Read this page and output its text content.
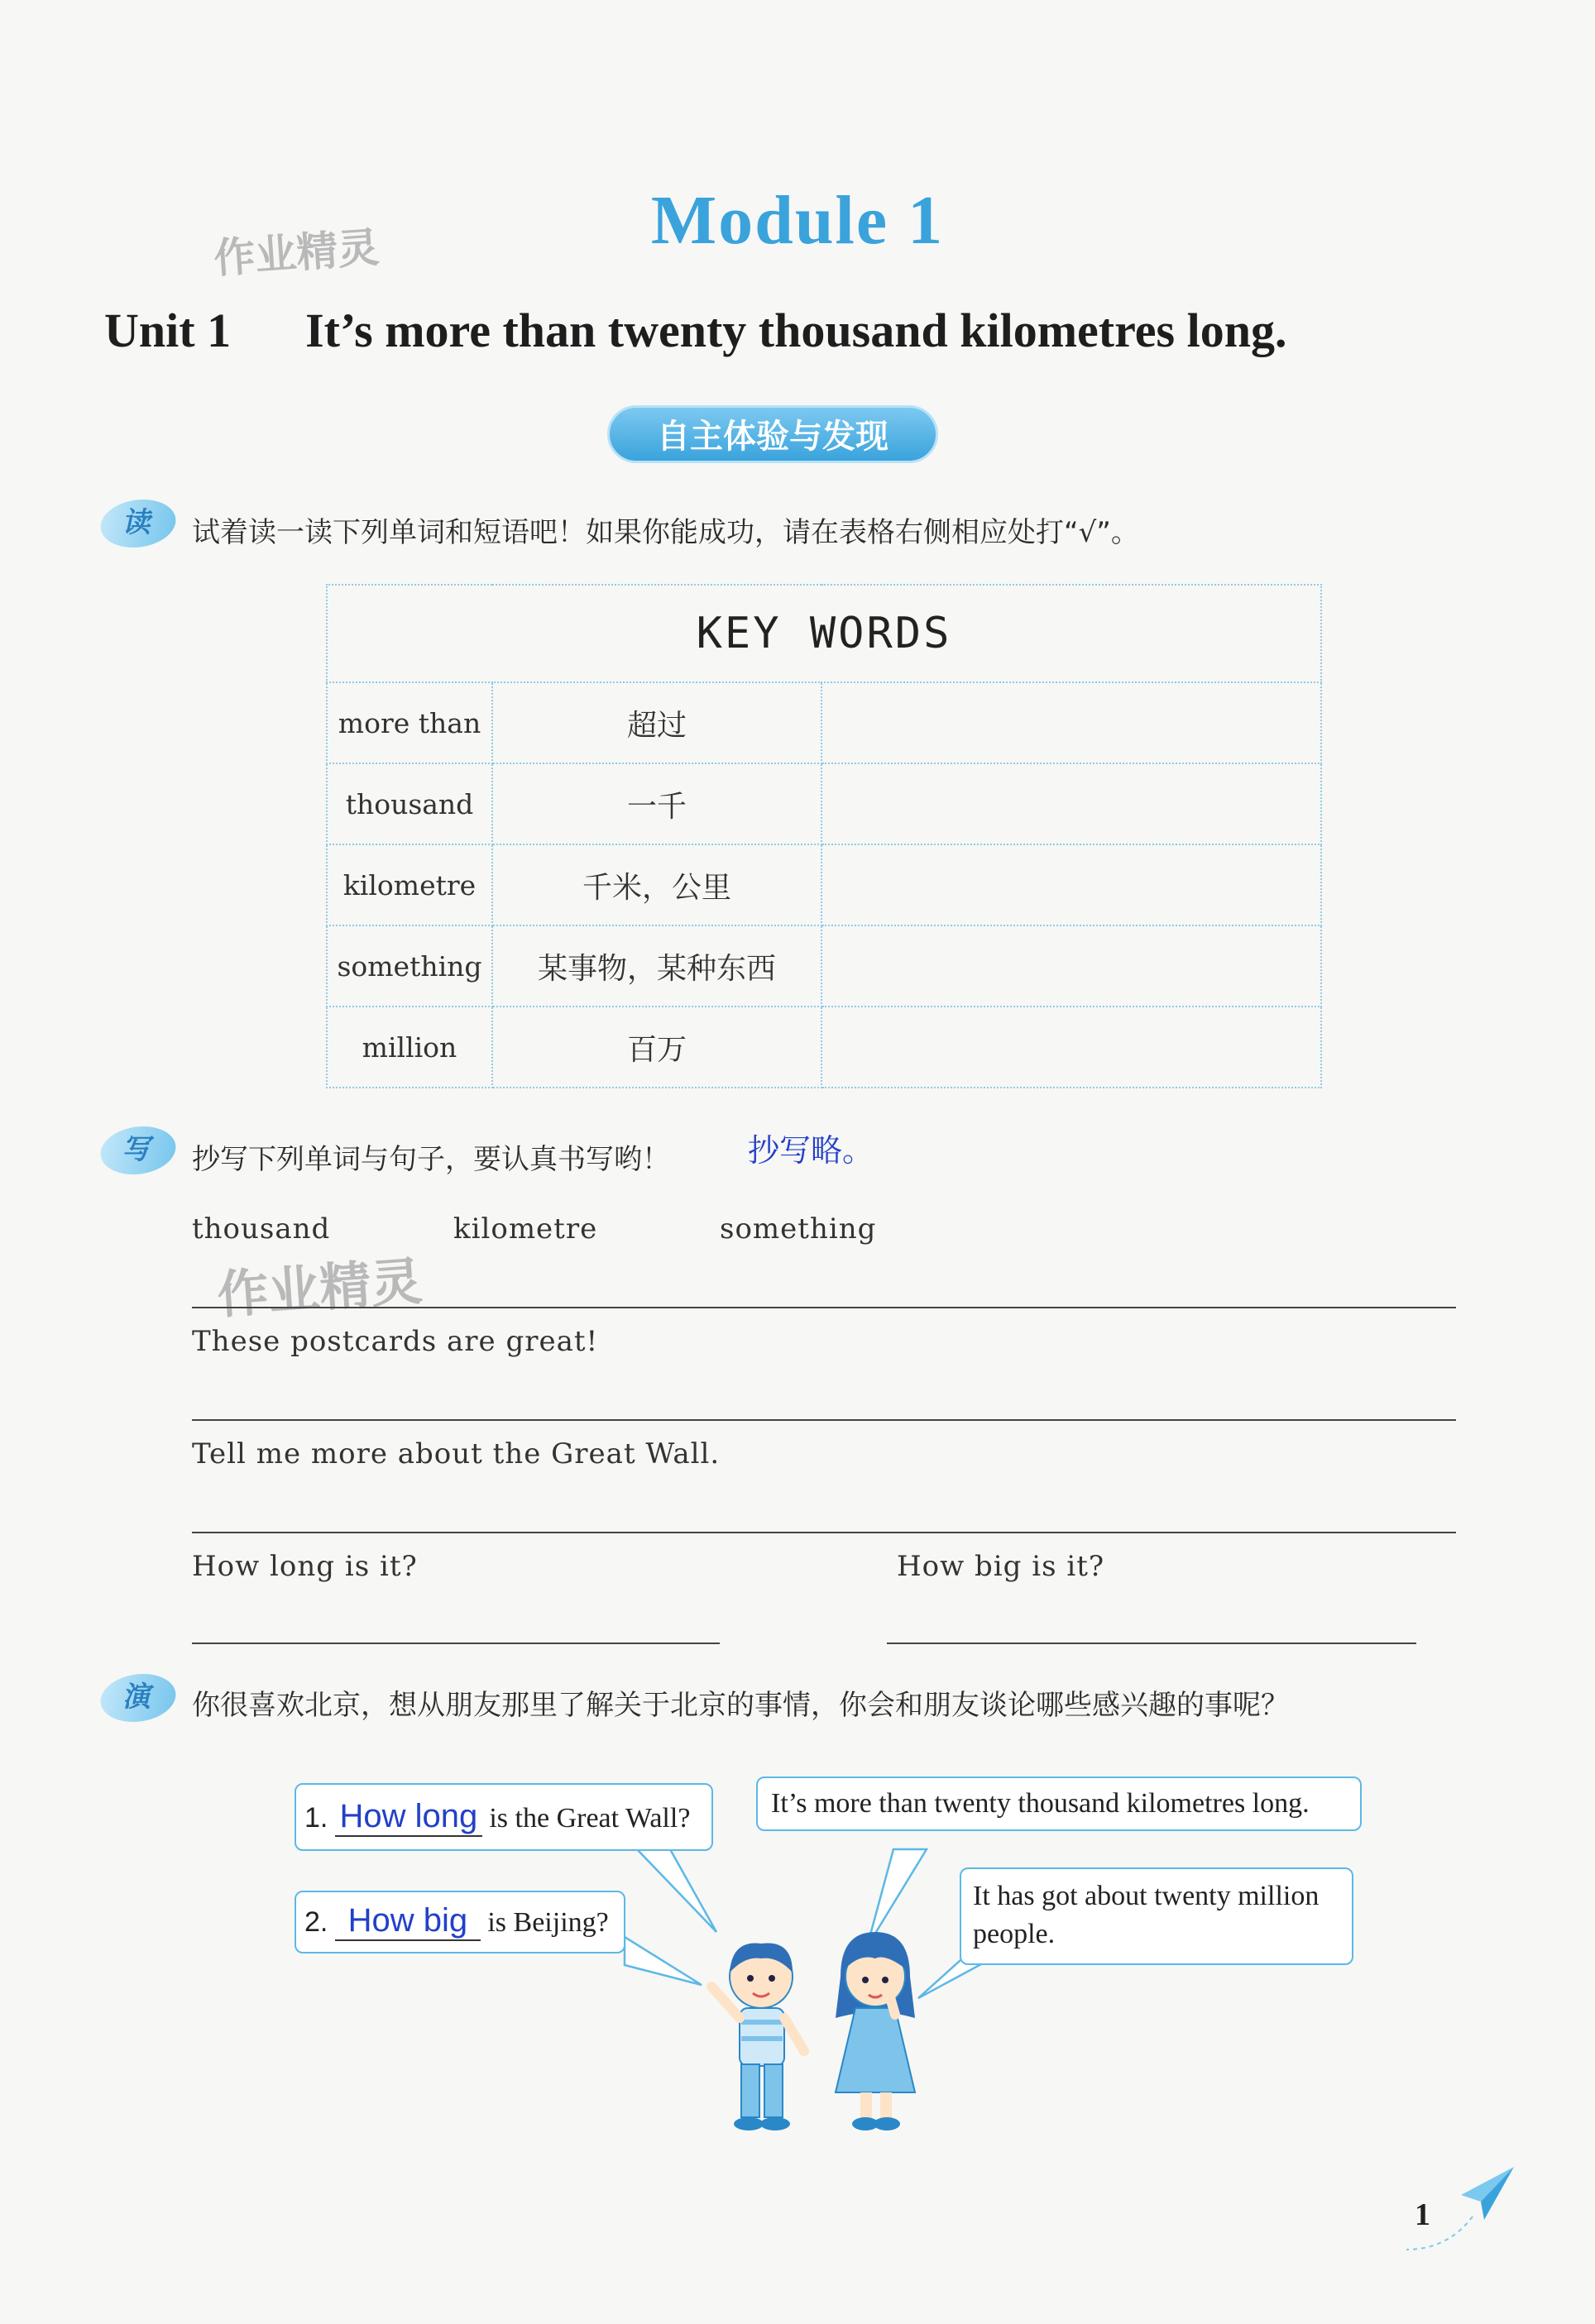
作业精灵	Module 1
Unit 1 It’s more than twenty thousand kilometres long.
自主体验与发现
读	试着读一读下列单词和短语吧！如果你能成功，请在表格右侧相应处打“√”。
KEY WORDS		
more than	超过	
thousand	一千	
kilometre	千米，公里	
something	某事物，某种东西	
million	百万	
写	抄写下列单词与句子，要认真书写哟！ 抄写略。
thousand	kilometre	something
作业精灵
These postcards are great!
Tell me more about the Great Wall.
How long is it?	How big is it?
演	你很喜欢北京，想从朋友那里了解关于北京的事情，你会和朋友谈论哪些感兴趣的事呢？
1. How long is the Great Wall?
2. How big is Beijing?
It’s more than twenty thousand kilometres long.
It has got about twenty million people.
1
